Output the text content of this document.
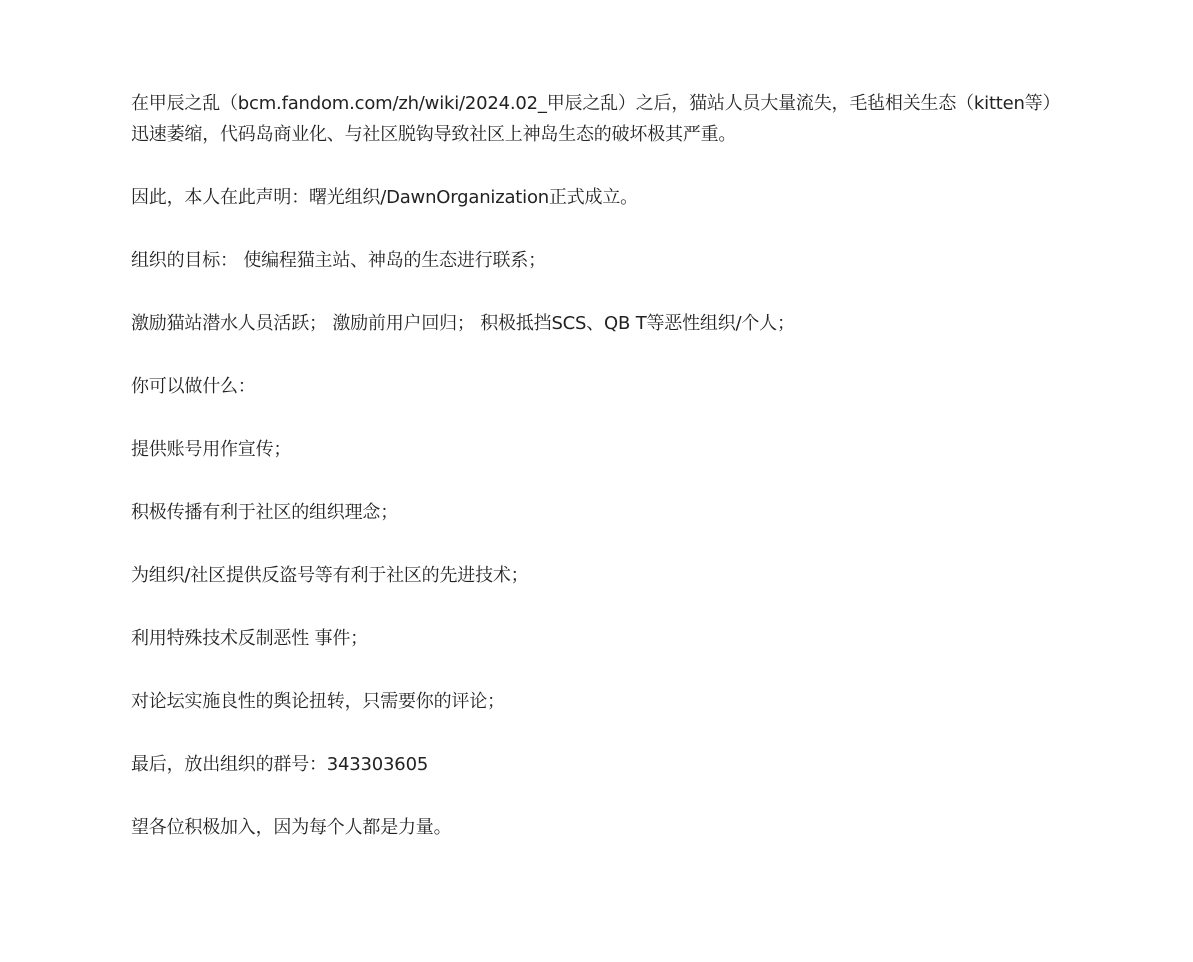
在甲辰之乱（bcm.fandom.com/zh/wiki/2024.02_甲辰之乱）之后，猫站人员大量流失，毛毡相关生态（kitten等）迅速萎缩，代码岛商业化、与社区脱钩导致社区上神岛生态的破坏极其严重。

因此，本人在此声明：曙光组织/DawnOrganization正式成立。

组织的目标： 使编程猫主站、神岛的生态进行联系；

激励猫站潜水人员活跃； 激励前用户回归； 积极抵挡SCS、QB T等恶性组织/个人；

你可以做什么：

提供账号用作宣传；

积极传播有利于社区的组织理念；

为组织/社区提供反盗号等有利于社区的先进技术；

利用特殊技术反制恶性 事件；

对论坛实施良性的舆论扭转，只需要你的评论；

最后，放出组织的群号：343303605

望各位积极加入，因为每个人都是力量。
